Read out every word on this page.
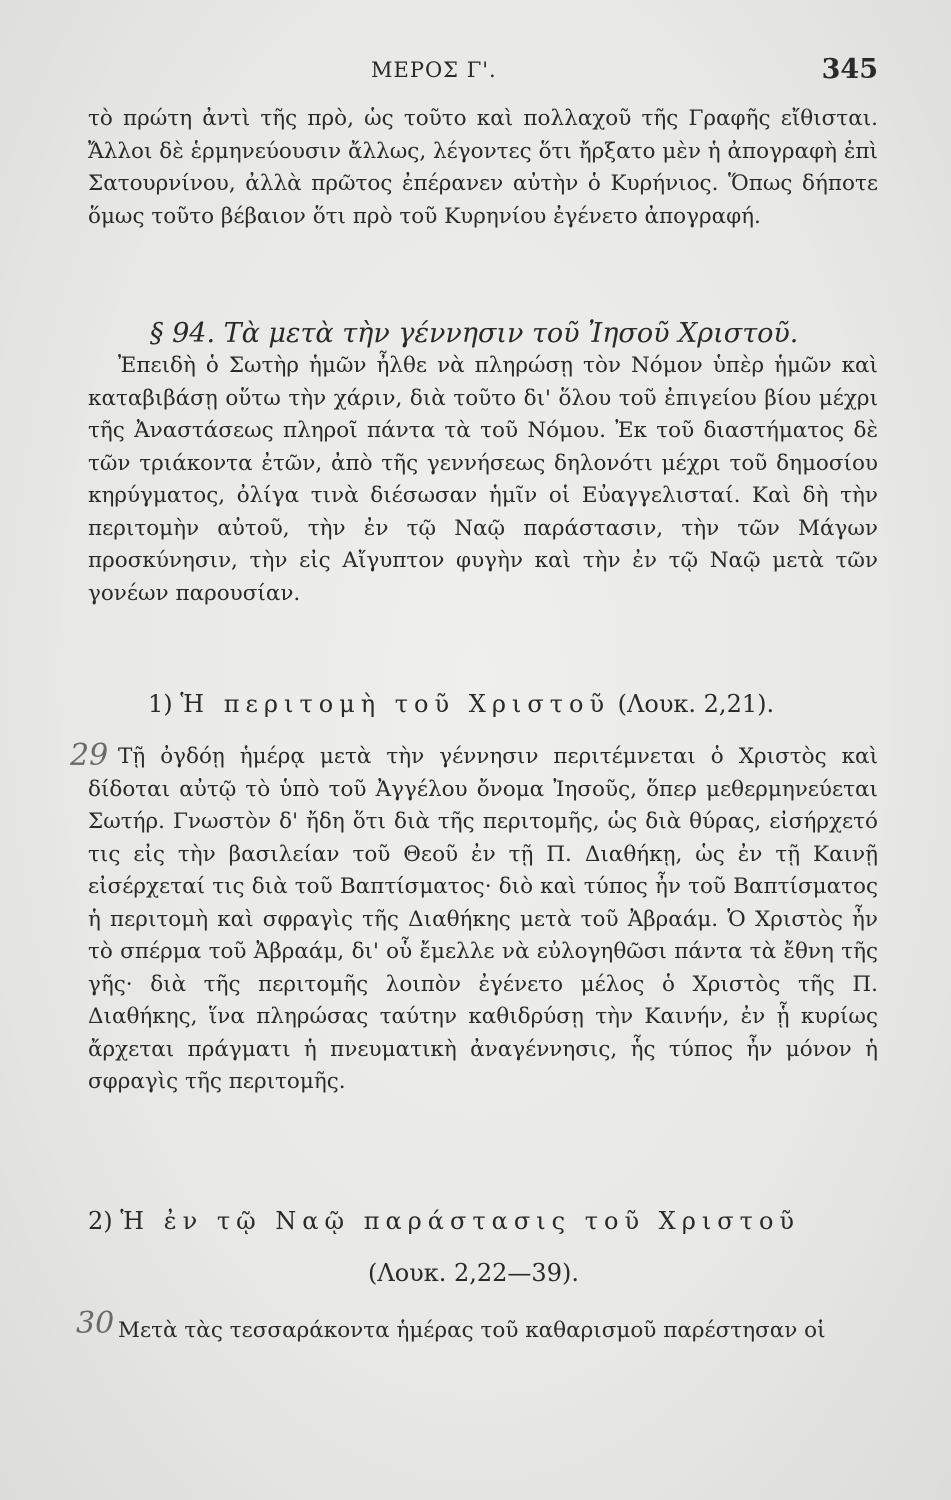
ΜΕΡΟΣ Γ'.	345
τὸ πρώτη ἀντὶ τῆς πρὸ, ὡς τοῦτο καὶ πολλαχοῦ τῆς Γραφῆς εἴθισται. Ἄλλοι δὲ ἑρμηνεύουσιν ἄλλως, λέγοντες ὅτι ἤρξατο μὲν ἡ ἀπογραφὴ ἐπὶ Σατουρνίνου, ἀλλὰ πρῶτος ἐπέρανεν αὐτὴν ὁ Κυρήνιος. Ὅπως δήποτε ὅμως τοῦτο βέβαιον ὅτι πρὸ τοῦ Κυρηνίου ἐγένετο ἀπογραφή.
§ 94. Τὰ μετὰ τὴν γέννησιν τοῦ Ἰησοῦ Χριστοῦ.
Ἐπειδὴ ὁ Σωτὴρ ἡμῶν ἦλθε νὰ πληρώσῃ τὸν Νόμον ὑπὲρ ἡμῶν καὶ καταβιβάσῃ οὕτω τὴν χάριν, διὰ τοῦτο δι' ὅλου τοῦ ἐπιγείου βίου μέχρι τῆς Ἀναστάσεως πληροῖ πάντα τὰ τοῦ Νόμου. Ἐκ τοῦ διαστήματος δὲ τῶν τριάκοντα ἐτῶν, ἀπὸ τῆς γεννήσεως δηλονότι μέχρι τοῦ δημοσίου κηρύγματος, ὀλίγα τινὰ διέσωσαν ἡμῖν οἱ Εὐαγγελισταί. Καὶ δὴ τὴν περιτομὴν αὐτοῦ, τὴν ἐν τῷ Ναῷ παράστασιν, τὴν τῶν Μάγων προσκύνησιν, τὴν εἰς Αἴγυπτον φυγὴν καὶ τὴν ἐν τῷ Ναῷ μετὰ τῶν γονέων παρουσίαν.
1) Ἡ περιτομὴ τοῦ Χριστοῦ (Λουκ. 2,21).
29 Τῇ ὀγδόῃ ἡμέρᾳ μετὰ τὴν γέννησιν περιτέμνεται ὁ Χριστὸς καὶ δίδοται αὐτῷ τὸ ὑπὸ τοῦ Ἀγγέλου ὄνομα Ἰησοῦς, ὅπερ μεθερμηνεύεται Σωτήρ. Γνωστὸν δ' ἤδη ὅτι διὰ τῆς περιτομῆς, ὡς διὰ θύρας, εἰσήρχετό τις εἰς τὴν βασιλείαν τοῦ Θεοῦ ἐν τῇ Π. Διαθήκῃ, ὡς ἐν τῇ Καινῇ εἰσέρχεταί τις διὰ τοῦ Βαπτίσματος· διὸ καὶ τύπος ἦν τοῦ Βαπτίσματος ἡ περιτομὴ καὶ σφραγὶς τῆς Διαθήκης μετὰ τοῦ Ἀβραάμ. Ὁ Χριστὸς ἦν τὸ σπέρμα τοῦ Ἀβραάμ, δι' οὗ ἔμελλε νὰ εὐλογηθῶσι πάντα τὰ ἔθνη τῆς γῆς· διὰ τῆς περιτομῆς λοιπὸν ἐγένετο μέλος ὁ Χριστὸς τῆς Π. Διαθήκης, ἵνα πληρώσας ταύτην καθιδρύσῃ τὴν Καινήν, ἐν ᾗ κυρίως ἄρχεται πράγματι ἡ πνευματικὴ ἀναγέννησις, ἧς τύπος ἦν μόνον ἡ σφραγὶς τῆς περιτομῆς.
2) Ἡ ἐν τῷ Ναῷ παράστασις τοῦ Χριστοῦ
(Λουκ. 2,22—39).
30 Μετὰ τὰς τεσσαράκοντα ἡμέρας τοῦ καθαρισμοῦ παρέστησαν οἱ
